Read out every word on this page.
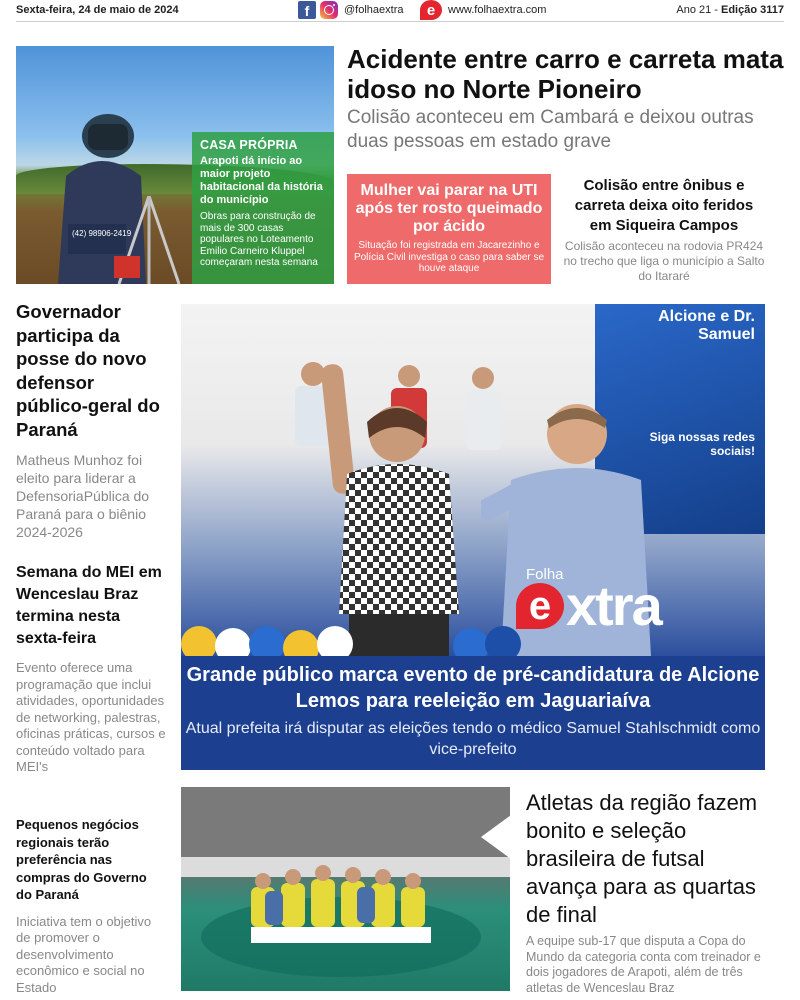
Sexta-feira, 24 de maio de 2024	f	@folhaextra	e	www.folhaextra.com	Ano 21 - Edição 3117
(42) 98906-2419
CASA PRÓPRIA
Arapoti dá início ao maior projeto habitacional da história do município
Obras para construção de mais de 300 casas populares no Loteamento Emilio Carneiro Kluppel começaram nesta semana
Acidente entre carro e carreta mata idoso no Norte Pioneiro
Colisão aconteceu em Cambará e deixou outras duas pessoas em estado grave
Mulher vai parar na UTI após ter rosto queimado por ácido
Situação foi registrada em Jacarezinho e Polícia Civil investiga o caso para saber se houve ataque
Colisão entre ônibus e carreta deixa oito feridos em Siqueira Campos
Colisão aconteceu na rodovia PR424 no trecho que liga o município a Salto do Itararé
Governador participa da posse do novo defensor público-geral do Paraná
Matheus Munhoz foi eleito para liderar a DefensoriaPública do Paraná para o biênio 2024-2026
Semana do MEI em Wenceslau Braz termina nesta sexta-feira
Evento oferece uma programação que inclui atividades, oportunidades de networking, palestras, oficinas práticas, cursos e conteúdo voltado para MEI's
Pequenos negócios regionais terão preferência nas compras do Governo do Paraná
Iniciativa tem o objetivo de promover o desenvolvimento econômico e social no Estado
Alcione e Dr. Samuel
Siga nossas redes sociais!
Folha
e xtra
Grande público marca evento de pré-candidatura de Alcione Lemos para reeleição em Jaguariaíva
Atual prefeita irá disputar as eleições tendo o médico Samuel Stahlschmidt como vice-prefeito
Atletas da região fazem bonito e seleção brasileira de futsal avança para as quartas de final
A equipe sub-17 que disputa a Copa do Mundo da categoria conta com treinador e dois jogadores de Arapoti, além de três atletas de Wenceslau Braz
